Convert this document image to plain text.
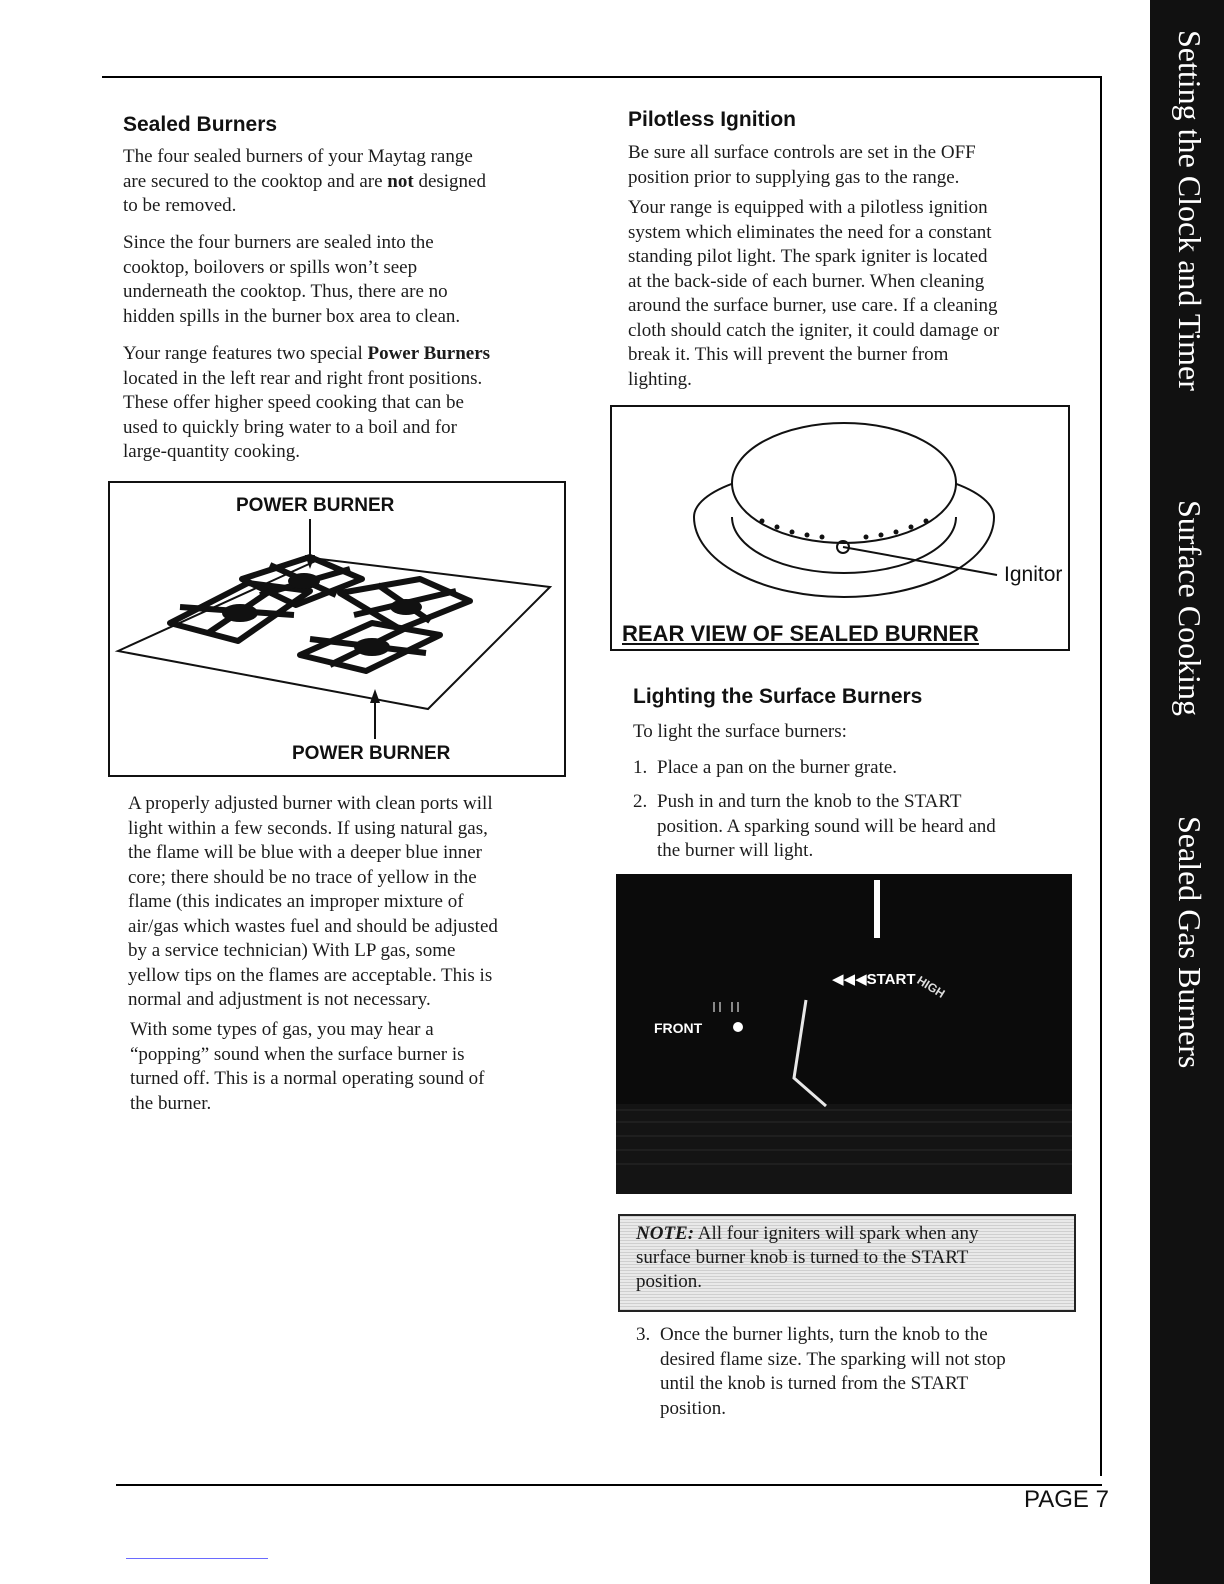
Setting the Clock and Timer
Surface Cooking
Sealed Gas Burners
Sealed Burners
The four sealed burners of your Maytag range
are secured to the cooktop and are not designed
to be removed.
Since the four burners are sealed into the
cooktop, boilovers or spills won’t seep
underneath the cooktop. Thus, there are no
hidden spills in the burner box area to clean.
Your range features two special Power Burners
located in the left rear and right front positions.
These offer higher speed cooking that can be
used to quickly bring water to a boil and for
large-quantity cooking.
POWER BURNER
POWER BURNER
A properly adjusted burner with clean ports will
light within a few seconds. If using natural gas,
the flame will be blue with a deeper blue inner
core; there should be no trace of yellow in the
flame (this indicates an improper mixture of
air/gas which wastes fuel and should be adjusted
by a service technician) With LP gas, some
yellow tips on the flames are acceptable. This is
normal and adjustment is not necessary.
With some types of gas, you may hear a
“popping” sound when the surface burner is
turned off. This is a normal operating sound of
the burner.
Pilotless Ignition
Be sure all surface controls are set in the OFF
position prior to supplying gas to the range.
Your range is equipped with a pilotless ignition
system which eliminates the need for a constant
standing pilot light. The spark igniter is located
at the back-side of each burner. When cleaning
around the surface burner, use care. If a cleaning
cloth should catch the igniter, it could damage or
break it. This will prevent the burner from
lighting.
Ignitor
REAR VIEW OF SEALED BURNER
Lighting the Surface Burners
To light the surface burners:
1. Place a pan on the burner grate.
2. Push in and turn the knob to the START
position. A sparking sound will be heard and
the burner will light.
◀◀◀START HIGH
FRONT
NOTE: All four igniters will spark when any
surface burner knob is turned to the START
position.
3. Once the burner lights, turn the knob to the
desired flame size. The sparking will not stop
until the knob is turned from the START
position.
PAGE 7
